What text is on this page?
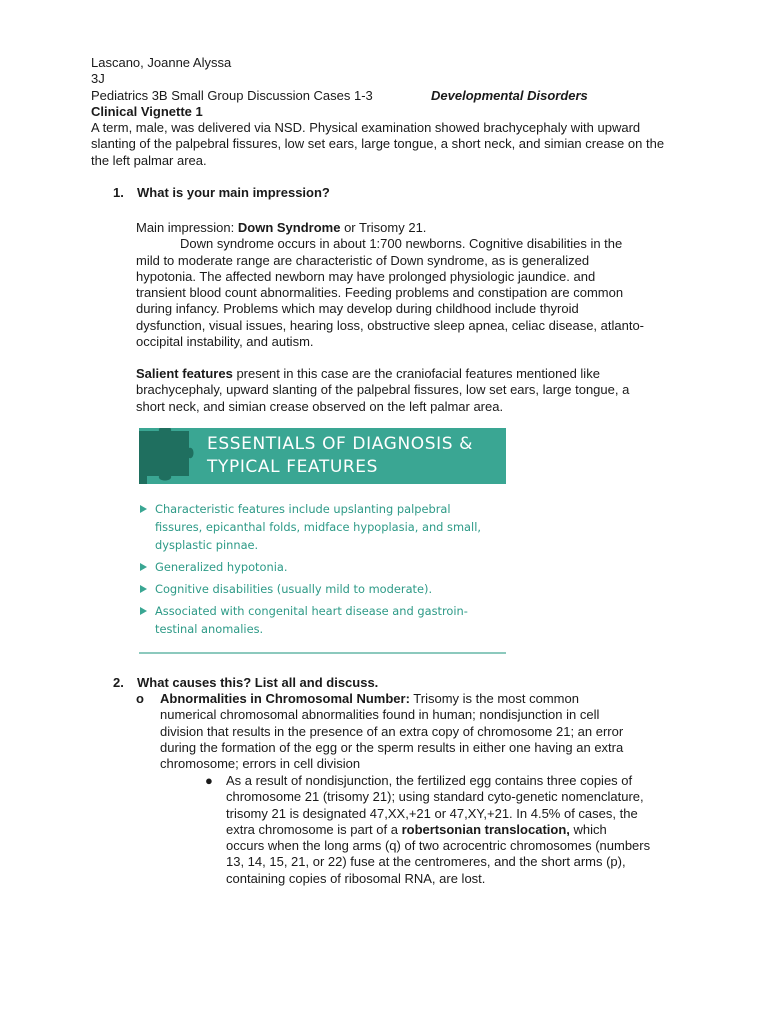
Lascano, Joanne Alyssa
3J
Pediatrics 3B Small Group Discussion Cases 1-3	Developmental Disorders
Clinical Vignette 1
A term, male, was delivered via NSD. Physical examination showed brachycephaly with upward
slanting of the palpebral fissures, low set ears, large tongue, a short neck, and simian crease on the
the left palmar area.
1. What is your main impression?

Main impression: Down Syndrome or Trisomy 21.

Down syndrome occurs in about 1:700 newborns. Cognitive disabilities in the
mild to moderate range are characteristic of Down syndrome, as is generalized
hypotonia. The affected newborn may have prolonged physiologic jaundice. and
transient blood count abnormalities. Feeding problems and constipation are common
during infancy. Problems which may develop during childhood include thyroid
dysfunction, visual issues, hearing loss, obstructive sleep apnea, celiac disease, atlanto-
occipital instability, and autism.

Salient features present in this case are the craniofacial features mentioned like

brachycephaly, upward slanting of the palpebral fissures, low set ears, large tongue, a

short neck, and simian crease observed on the left palmar area.

ESSENTIALS OF DIAGNOSIS &
TYPICAL FEATURES
Characteristic features include upslanting palpebral
fissures, epicanthal folds, midface hypoplasia, and small,
dysplastic pinnae.
Generalized hypotonia.
Cognitive disabilities (usually mild to moderate).
Associated with congenital heart disease and gastroin-
testinal anomalies.
2. What causes this? List all and discuss.
o Abnormalities in Chromosomal Number: Trisomy is the most common
numerical chromosomal abnormalities found in human; nondisjunction in cell
division that results in the presence of an extra copy of chromosome 21; an error
during the formation of the egg or the sperm results in either one having an extra
chromosome; errors in cell division
● As a result of nondisjunction, the fertilized egg contains three copies of
chromosome 21 (trisomy 21); using standard cyto-genetic nomenclature,
trisomy 21 is designated 47,XX,+21 or 47,XY,+21. In 4.5% of cases, the
extra chromosome is part of a robertsonian translocation, which
occurs when the long arms (q) of two acrocentric chromosomes (numbers
13, 14, 15, 21, or 22) fuse at the centromeres, and the short arms (p),
containing copies of ribosomal RNA, are lost.
